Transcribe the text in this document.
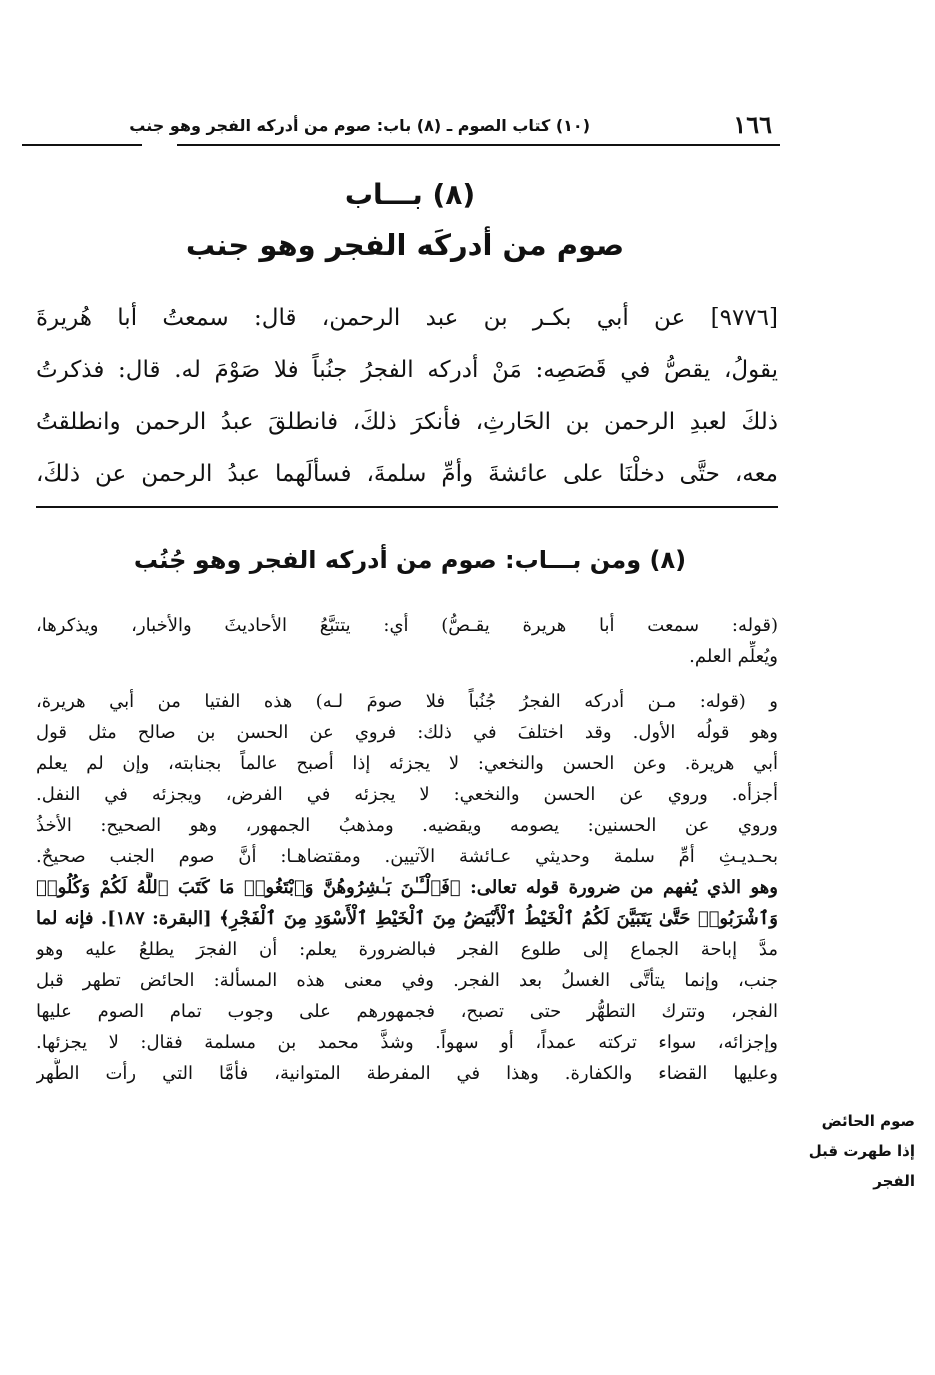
١٦٦
(١٠) كتاب الصوم ـ (٨) باب: صوم من أدركه الفجر وهو جنب
(٨) بـــاب
صوم من أدركَه الفجر وهو جنب
[٩٧٧٦] عن أبي بكـر بن عبد الرحمن، قال: سمعتُ أبا هُريرةَ
يقولُ، يقصُّ في قَصَصِه: مَنْ أدركه الفجرُ جنُباً فلا صَوْمَ له. قال: فذكرتُ
ذلكَ لعبدِ الرحمن بن الحَارثِ، فأنكرَ ذلكَ، فانطلقَ عبدُ الرحمن وانطلقتُ
معه، حتَّى دخلْنَا على عائشةَ وأمِّ سلمةَ، فسألَهما عبدُ الرحمن عن ذلكَ،
(٨) ومن بـــاب: صوم من أدركه الفجر وهو جُنُب
(قوله: سمعت أبا هريرة يقـصُّ) أي: يتتبَّعُ الأحاديثَ والأخبار، ويذكرها،
ويُعلِّم العلم.
و (قوله: مـن أدركه الفجرُ جُنُباً فلا صومَ لـه) هذه الفتيا من أبي هريرة،
وهو قولُه الأول. وقد اختلفَ في ذلك: فروي عن الحسن بن صالح مثل قول
أبي هريرة. وعن الحسن والنخعي: لا يجزئه إذا أصبح عالماً بجنابته، وإن لم يعلم
أجزأه. وروي عن الحسن والنخعي: لا يجزئه في الفرض، ويجزئه في النفل.
وروي عن الحسنين: يصومه ويقضيه. ومذهبُ الجمهور، وهو الصحيح: الأخذُ
بحـديـثِ أمِّ سلمة وحديثي عـائشة الآتيين. ومقتضاهـا: أنَّ صوم الجنب صحيحٌ.
وهو الذي يُفهم من ضرورة قوله تعالى: ﴿فَٱلْـَٔـٰنَ بَـٰشِرُوهُنَّ وَٱبْتَغُوا۟ مَا كَتَبَ ٱللَّهُ لَكُمْ وَكُلُوا۟
وَٱشْرَبُوا۟ حَتَّىٰ يَتَبَيَّنَ لَكُمُ ٱلْخَيْطُ ٱلْأَبْيَضُ مِنَ ٱلْخَيْطِ ٱلْأَسْوَدِ مِنَ ٱلْفَجْرِ﴾ [البقرة: ١٨٧]. فإنه لما
مدَّ إباحة الجماع إلى طلوع الفجر فبالضرورة يعلم: أن الفجرَ يطلعُ عليه وهو
جنب، وإنما يتأتَّى الغسلُ بعد الفجر. وفي معنى هذه المسألة: الحائض تطهر قبل
الفجر، وتترك التطهُّر حتى تصبح، فجمهورهم على وجوب تمام الصوم عليها
وإجزائه، سواء تركته عمداً، أو سهواً. وشذَّ محمد بن مسلمة فقال: لا يجزئها.
وعليها القضاء والكفارة. وهذا في المفرطة المتوانية، فأمَّا التي رأت الطُّهر
صوم الحائض
إذا طهرت قبل
الفجر
